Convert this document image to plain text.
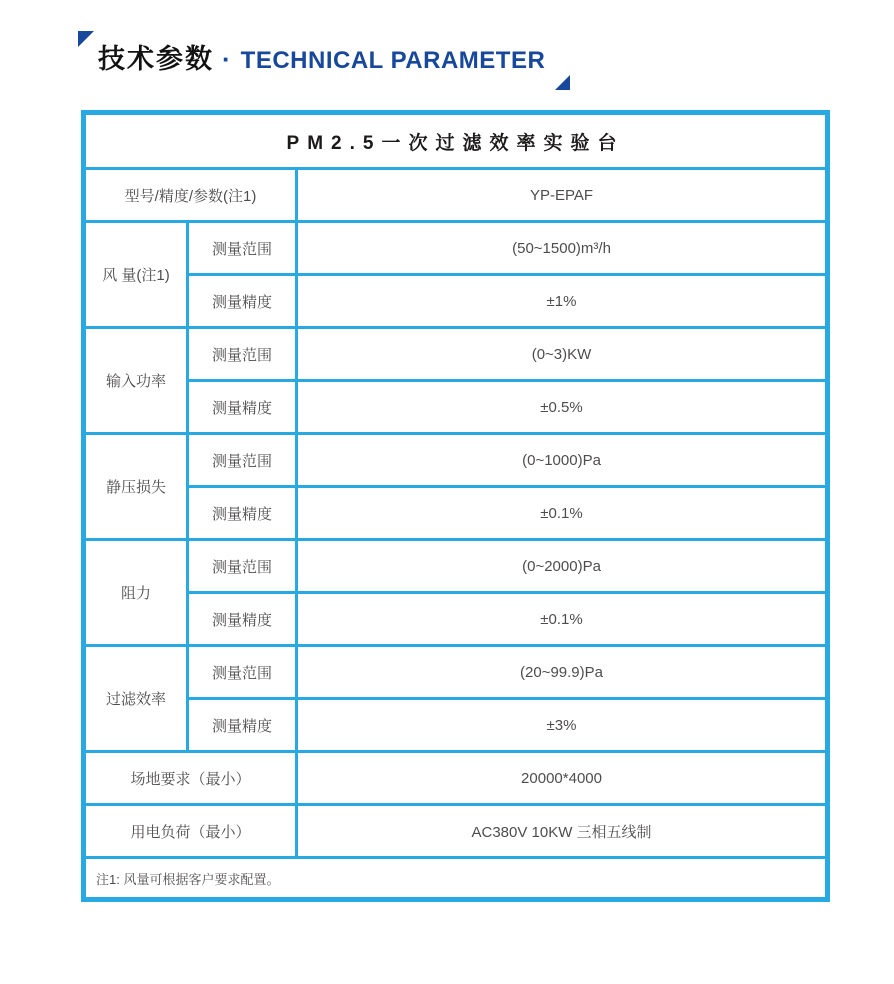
技术参数 · TECHNICAL PARAMETER
PM2.5一次过滤效率实验台		
型号/精度/参数(注1)		YP-EPAF
风 量(注1)	测量范围	(50~1500)m³/h
	测量精度	±1%
输入功率	测量范围	(0~3)KW
	测量精度	±0.5%
静压损失	测量范围	(0~1000)Pa
	测量精度	±0.1%
阻力	测量范围	(0~2000)Pa
	测量精度	±0.1%
过滤效率	测量范围	(20~99.9)Pa
	测量精度	±3%
场地要求（最小）		20000*4000
用电负荷（最小）		AC380V 10KW 三相五线制
注1: 风量可根据客户要求配置。		
